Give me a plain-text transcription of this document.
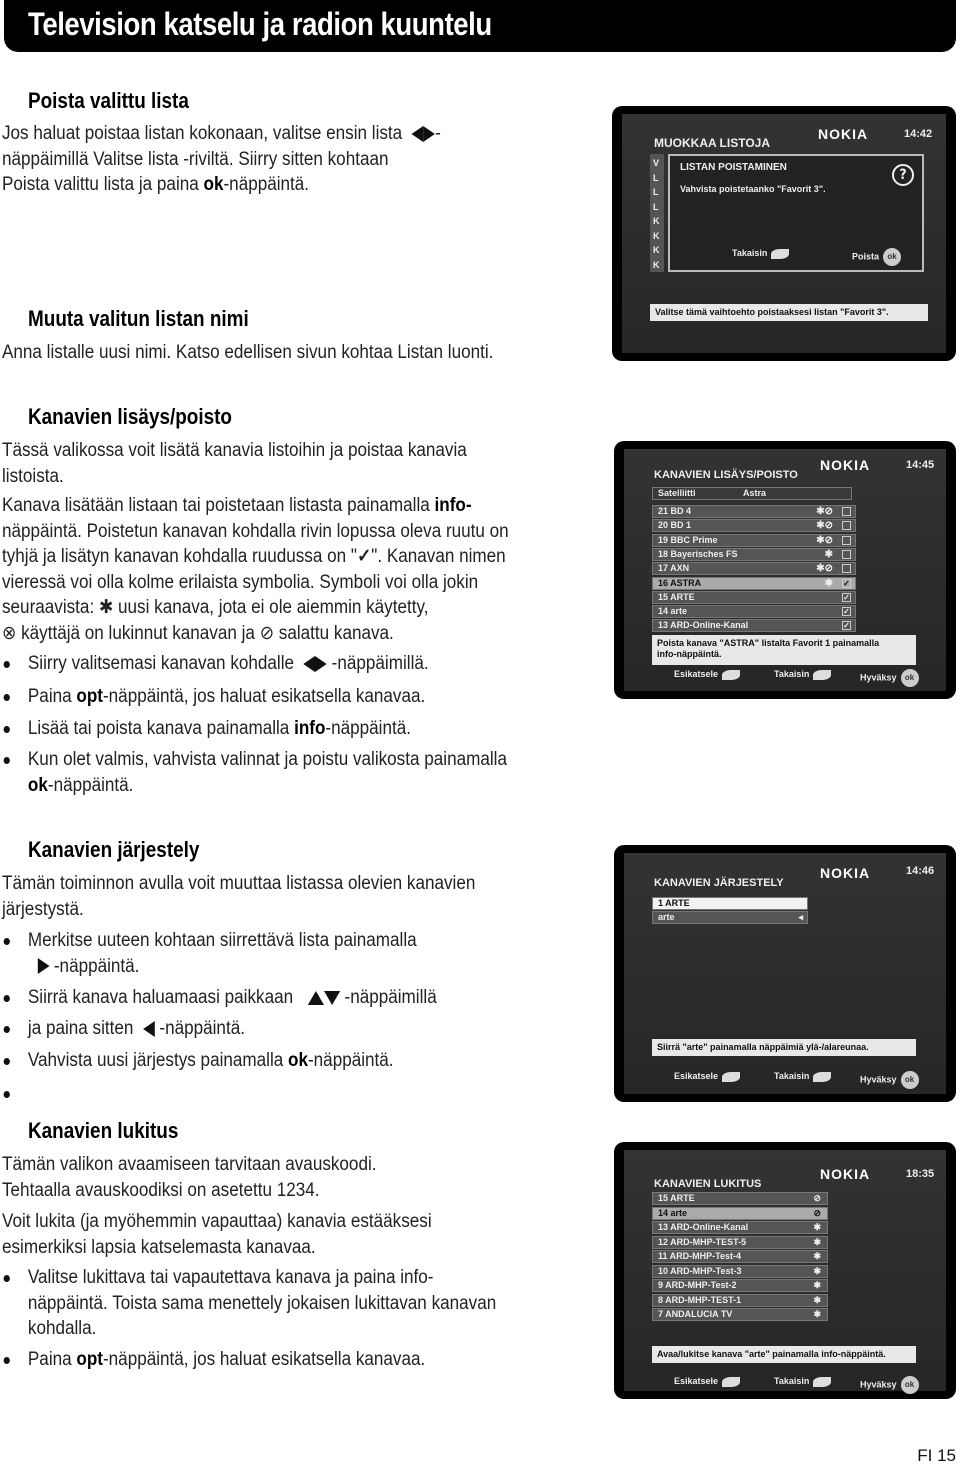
Television katselu ja radion kuuntelu
Poista valittu lista
Jos haluat poistaa listan kokonaan, valitse ensin lista -
näppäimillä Valitse lista -riviltä. Siirry sitten kohtaan
Poista valittu lista ja paina ok-näppäintä.
Muuta valitun listan nimi
Anna listalle uusi nimi. Katso edellisen sivun kohtaa Listan luonti.
Kanavien lisäys/poisto
Tässä valikossa voit lisätä kanavia listoihin ja poistaa kanavia
listoista.
Kanava lisätään listaan tai poistetaan listasta painamalla info-
näppäintä. Poistetun kanavan kohdalla rivin lopussa oleva ruutu on
tyhjä ja lisätyn kanavan kohdalla ruudussa on "✓". Kanavan nimen
vieressä voi olla kolme erilaista symbolia. Symboli voi olla jokin
seuraavista: ✱ uusi kanava, jota ei ole aiemmin käytetty,
⊗ käyttäjä on lukinnut kanavan ja ⊘ salattu kanava.
Siirry valitsemasi kanavan kohdalle   -näppäimillä.
Paina opt-näppäintä, jos haluat esikatsella kanavaa.
Lisää tai poista kanava painamalla info-näppäintä.
Kun olet valmis, vahvista valinnat ja poistu valikosta painamalla
ok-näppäintä.
Kanavien järjestely
Tämän toiminnon avulla voit muuttaa listassa olevien kanavien
järjestystä.
Merkitse uuteen kohtaan siirrettävä lista painamalla
-näppäintä.
Siirrä kanava haluamaasi paikkaan    -näppäimillä
ja paina sitten   -näppäintä.
Vahvista uusi järjestys painamalla ok-näppäintä.
Kanavien lukitus
Tämän valikon avaamiseen tarvitaan avauskoodi.
Tehtaalla avauskoodiksi on asetettu 1234.
Voit lukita (ja myöhemmin vapauttaa) kanavia estääksesi
esimerkiksi lapsia katselemasta kanavaa.
Valitse lukittava tai vapautettava kanava ja paina info-
näppäintä. Toista sama menettely jokaisen lukittavan kanavan
kohdalla.
Paina opt-näppäintä, jos haluat esikatsella kanavaa.
MUOKKAA LISTOJA
NOKIA	14:42
V L L L K K K K
LISTAN POISTAMINEN
Vahvista poistetaanko "Favorit 3".
?
Takaisin	Poista ok
Valitse tämä vaihtoehto poistaaksesi listan "Favorit 3".
KANAVIEN LISÄYS/POISTO
NOKIA	14:45
Satelliitti	Astra
21 BD 4	✱⊘
20 BD 1	✱⊘
19 BBC Prime	✱⊘
18 Bayerisches FS	✱
17 AXN	✱⊘
16 ASTRA	✱ ✓
15 ARTE	✓
14 arte	✓
13 ARD-Online-Kanal	✓
Poista kanava "ASTRA" listalta Favorit 1 painamalla
info-näppäintä.
Esikatsele	Takaisin	Hyväksy ok
KANAVIEN JÄRJESTELY
NOKIA	14:46
1 ARTE
arte	◂
Siirrä "arte" painamalla näppäimiä ylä-/alareunaa.
Esikatsele	Takaisin	Hyväksy ok
KANAVIEN LUKITUS
NOKIA	18:35
15 ARTE	⊘
14 arte	⊘
13 ARD-Online-Kanal	✱
12 ARD-MHP-TEST-5	✱
11 ARD-MHP-Test-4	✱
10 ARD-MHP-Test-3	✱
9 ARD-MHP-Test-2	✱
8 ARD-MHP-TEST-1	✱
7 ANDALUCIA TV	✱
Avaa/lukitse kanava "arte" painamalla info-näppäintä.
Esikatsele	Takaisin	Hyväksy ok
FI 15
